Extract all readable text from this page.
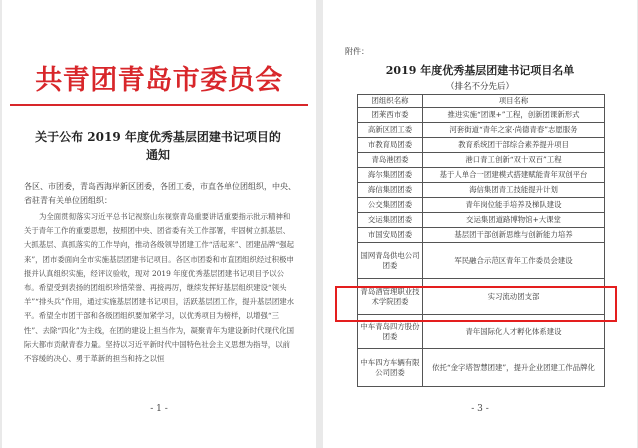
共青团青岛市委员会
关于公布 2019 年度优秀基层团建书记项目的
通知
各区、市团委，青岛西海岸新区团委，各团工委，市直各单位团组织，中央、省驻青有关单位团组织：
为全面贯彻落实习近平总书记视察山东视察青岛重要讲话重要指示批示精神和关于青年工作的重要思想，按照团中央、团省委有关工作部署，牢固树立抓基层、大抓基层、真抓落实的工作导向，推动各级领导团建工作“活起来”、团建品牌“强起来”，团市委面向全市实施基层团建书记项目。各区市团委和市直团组织经过积极申报并认真组织实施，经评议验收，现对 2019 年度优秀基层团建书记项目予以公布。希望受到表扬的团组织珍惜荣誉、再接再厉，继续发挥好基层组织建设“领头羊”“排头兵”作用，通过实施基层团建书记项目，活跃基层团工作，提升基层团建水平。希望全市团干部和各级团组织要加紧学习，以优秀项目为榜样，以增强“三性”、去除“四化”为主线，在团的建设上担当作为，凝聚青年为建设新时代现代化国际大都市贡献青春力量。坚持以习近平新时代中国特色社会主义思想为指导，以前不容缓的决心、勇于革新的担当和持之以恒
- 1 -
附件：
2019 年度优秀基层团建书记项目名单
（排名不分先后）
团组织名称	项目名称
团莱西市委	推进实施“团课+”工程，创新团课新形式
高新区团工委	河套街道“青年之家·尚德青春”志愿服务
市教育局团委	教育系统团干部综合素养提升项目
青岛港团委	港口青工创新“双十双百”工程
海尔集团团委	基于人单合一团建模式搭建赋能青年双创平台
海信集团团委	海信集团青工技能提升计划
公交集团团委	青年岗位能手培养及梯队建设
交运集团团委	交运集团道路博物馆+大课堂
市国安局团委	基层团干部创新思维与创新能力培养
国网青岛供电公司团委	军民融合示范区青年工作委员会建设
青岛酒管理职业技术学院团委	实习流动团支部
中车青岛四方股份团委	青年国际化人才孵化体系建设
中车四方车辆有限公司团委	依托“金字塔智慧团建”，提升企业团建工作品牌化
- 3 -
